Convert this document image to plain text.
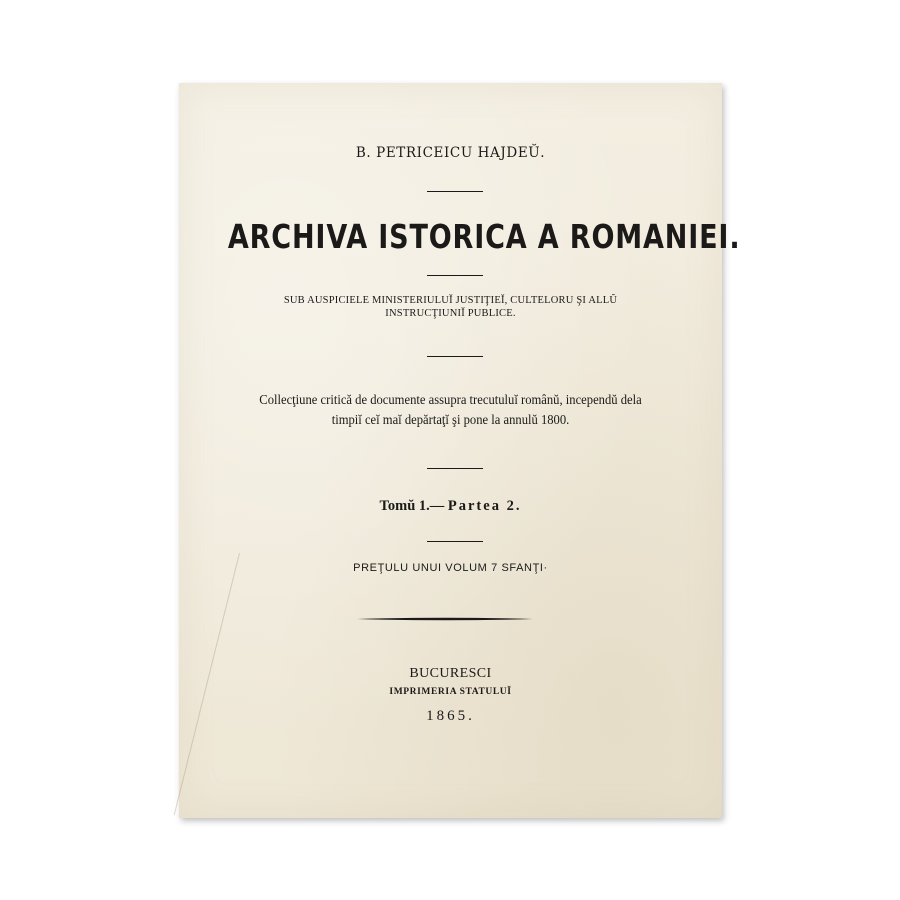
B. PETRICEICU HAJDEŬ.
ARCHIVA ISTORICA A ROMANIEI.
SUB AUSPICIELE MINISTERIULUĬ JUSTIŢIEĬ, CULTELORU ŞI ALLŬ
INSTRUCŢIUNIĬ PUBLICE.
Collecţiune critică de documente assupra trecutuluĭ românŭ, incependŭ dela
timpiĭ ceĭ maĭ depărtaţĭ şi pone la annulŭ 1800.
Tomŭ 1.— Partea 2.
PREŢULU UNUI VOLUM 7 SFANŢI·
BUCURESCI
IMPRIMERIA STATULUĬ
1865.
